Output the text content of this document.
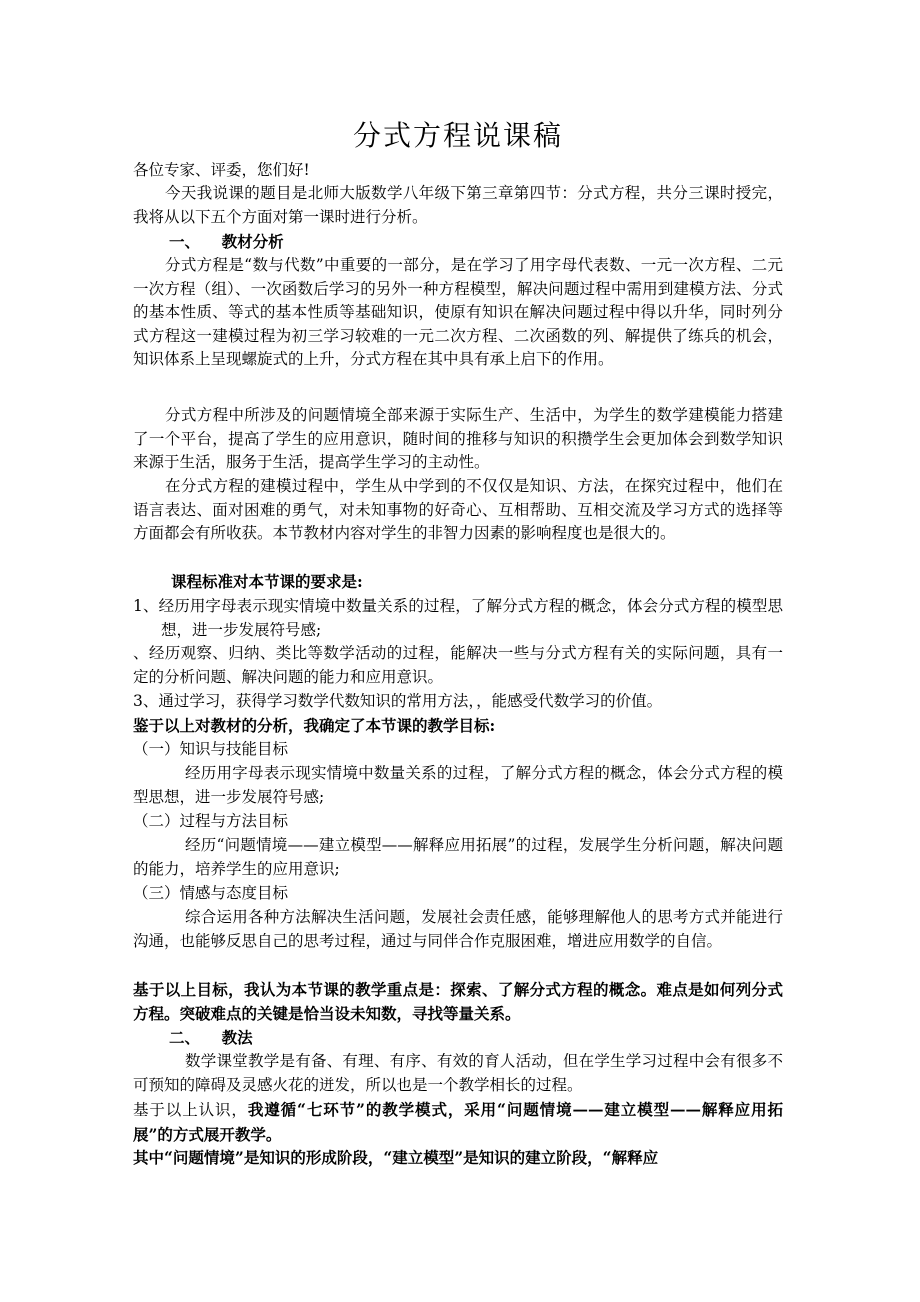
分式方程说课稿
各位专家、评委，您们好!
今天我说课的题目是北师大版数学八年级下第三章第四节：分式方程，共分三课时授完，我将从以下五个方面对第一课时进行分析。
一、    教材分析
分式方程是“数与代数”中重要的一部分，是在学习了用字母代表数、一元一次方程、二元一次方程（组）、一次函数后学习的另外一种方程模型，解决问题过程中需用到建模方法、分式的基本性质、等式的基本性质等基础知识，使原有知识在解决问题过程中得以升华，同时列分式方程这一建模过程为初三学习较难的一元二次方程、二次函数的列、解提供了练兵的机会，知识体系上呈现螺旋式的上升，分式方程在其中具有承上启下的作用。
分式方程中所涉及的问题情境全部来源于实际生产、生活中，为学生的数学建模能力搭建了一个平台，提高了学生的应用意识，随时间的推移与知识的积攒学生会更加体会到数学知识来源于生活，服务于生活，提高学生学习的主动性。
在分式方程的建模过程中，学生从中学到的不仅仅是知识、方法，在探究过程中，他们在语言表达、面对困难的勇气，对未知事物的好奇心、互相帮助、互相交流及学习方式的选择等方面都会有所收获。本节教材内容对学生的非智力因素的影响程度也是很大的。
课程标准对本节课的要求是:
1、经历用字母表示现实情境中数量关系的过程，了解分式方程的概念，体会分式方程的模型思想，进一步发展符号感;
、经历观察、归纳、类比等数学活动的过程，能解决一些与分式方程有关的实际问题，具有一定的分析问题、解决问题的能力和应用意识。
3、通过学习，获得学习数学代数知识的常用方法，，能感受代数学习的价值。
鉴于以上对教材的分析，我确定了本节课的教学目标:
（一）知识与技能目标
经历用字母表示现实情境中数量关系的过程，了解分式方程的概念，体会分式方程的模型思想，进一步发展符号感;
（二）过程与方法目标
经历“问题情境——建立模型——解释应用拓展”的过程，发展学生分析问题，解决问题的能力，培养学生的应用意识;
（三）情感与态度目标
综合运用各种方法解决生活问题，发展社会责任感，能够理解他人的思考方式并能进行沟通，也能够反思自己的思考过程，通过与同伴合作克服困难，增进应用数学的自信。
基于以上目标，我认为本节课的教学重点是：探索、了解分式方程的概念。难点是如何列分式方程。突破难点的关键是恰当设未知数，寻找等量关系。
二、    教法
数学课堂教学是有备、有理、有序、有效的育人活动，但在学生学习过程中会有很多不可预知的障碍及灵感火花的迸发，所以也是一个教学相长的过程。
基于以上认识，我遵循“七环节”的教学模式，采用“问题情境——建立模型——解释应用拓展”的方式展开教学。
其中“问题情境”是知识的形成阶段，“建立模型”是知识的建立阶段，“解释应
